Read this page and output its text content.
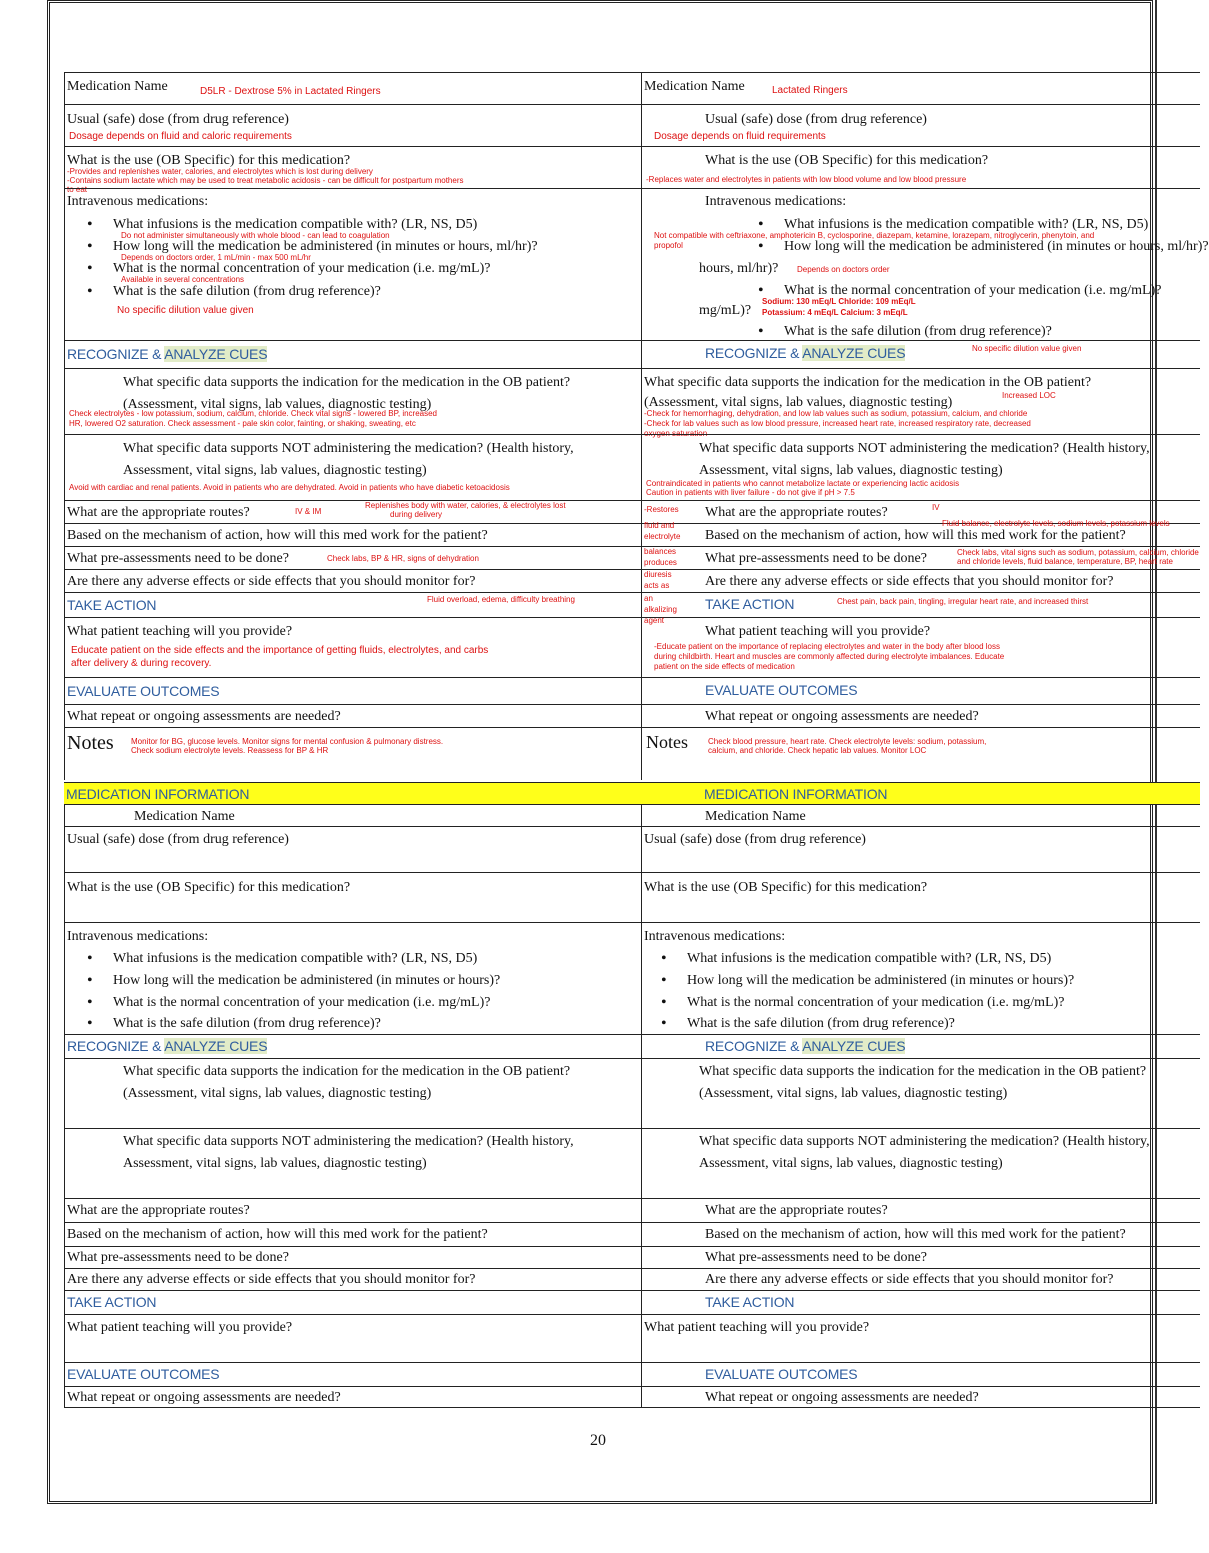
Medication Name	D5LR - Dextrose 5% in Lactated Ringers	Medication Name	Lactated Ringers
Usual (safe) dose (from drug reference)
Dosage depends on fluid and caloric requirements
Usual (safe) dose (from drug reference)
Dosage depends on fluid requirements
What is the use (OB Specific) for this medication?
-Provides and replenishes water, calories, and electrolytes which is lost during delivery
-Contains sodium lactate which may be used to treat metabolic acidosis - can be difficult for postpartum mothers
to eat
What is the use (OB Specific) for this medication?
-Replaces water and electrolytes in patients with low blood volume and low blood pressure
Intravenous medications:
• What infusions is the medication compatible with? (LR, NS, D5)
Do not administer simultaneously with whole blood - can lead to coagulation
• How long will the medication be administered (in minutes or hours, ml/hr)?
Depends on doctors order, 1 mL/min - max 500 mL/hr
• What is the normal concentration of your medication (i.e. mg/mL)?
Available in several concentrations
• What is the safe dilution (from drug reference)?
No specific dilution value given
Intravenous medications:
• What infusions is the medication compatible with? (LR, NS, D5)
Not compatible with ceftriaxone, amphotericin B, cyclosporine, diazepam, ketamine, lorazepam, nitroglycerin, phenytoin, and
propofol
•	How long will the medication be administered (in minutes or hours, ml/hr)?
hours, ml/hr)? Depends on doctors order
• What is the normal concentration of your medication (i.e. mg/mL)?
Sodium: 130 mEq/L Chloride: 109 mEq/L
mg/mL)? Potassium: 4 mEq/L Calcium: 3 mEq/L
• What is the safe dilution (from drug reference)?
RECOGNIZE & ANALYZE CUES	RECOGNIZE & ANALYZE CUES	No specific dilution value given
What specific data supports the indication for the medication in the OB patient?
(Assessment, vital signs, lab values, diagnostic testing)
Check electrolytes - low potassium, sodium, calcium, chloride. Check vital signs - lowered BP, increased
HR, lowered O2 saturation. Check assessment - pale skin color, fainting, or shaking, sweating, etc
What specific data supports the indication for the medication in the OB patient?
(Assessment, vital signs, lab values, diagnostic testing)	Increased LOC
-Check for hemorrhaging, dehydration, and low lab values such as sodium, potassium, calcium, and chloride
-Check for lab values such as low blood pressure, increased heart rate, increased respiratory rate, decreased
oxygen saturation
What specific data supports NOT administering the medication? (Health history,
Assessment, vital signs, lab values, diagnostic testing)
Avoid with cardiac and renal patients. Avoid in patients who are dehydrated. Avoid in patients who have diabetic ketoacidosis
What specific data supports NOT administering the medication? (Health history,
Assessment, vital signs, lab values, diagnostic testing)
Contraindicated in patients who cannot metabolize lactate or experiencing lactic acidosis
Caution in patients with liver failure - do not give if pH > 7.5
What are the appropriate routes?	IV & IM
Replenishes body with water, calories, & electrolytes lost
during delivery
-Restores What are the appropriate routes?	IV
Based on the mechanism of action, how will this med work for the patient?
fluid and
electrolyte Based on the mechanism of action, how will this med work for the patient?
Fluid balance, electrolyte levels, sodium levels, potassium levels
What pre-assessments need to be done?	Check labs, BP & HR, signs of dehydration
balances
produces What pre-assessments need to be done?	Check labs, vital signs such as sodium, potassium, calcium, chloride
and chloride levels, fluid balance, temperature, BP, heart rate
Are there any adverse effects or side effects that you should monitor for?	diuresis
acts as	Are there any adverse effects or side effects that you should monitor for?
TAKE ACTION	Fluid overload, edema, difficulty breathing	an
alkalizing TAKE ACTION	Chest pain, back pain, tingling, irregular heart rate, and increased thirst
What patient teaching will you provide?
Educate patient on the side effects and the importance of getting fluids, electrolytes, and carbs
after delivery & during recovery.
agent
What patient teaching will you provide?
-Educate patient on the importance of replacing electrolytes and water in the body after blood loss
during childbirth. Heart and muscles are commonly affected during electrolyte imbalances. Educate
patient on the side effects of medication
EVALUATE OUTCOMES	EVALUATE OUTCOMES
What repeat or ongoing assessments are needed?	What repeat or ongoing assessments are needed?
Notes Monitor for BG, glucose levels. Monitor signs for mental confusion & pulmonary distress.
Check sodium electrolyte levels. Reassess for BP & HR	Notes	Check blood pressure, heart rate. Check electrolyte levels: sodium, potassium,
calcium, and chloride. Check hepatic lab values. Monitor LOC
MEDICATION INFORMATION	MEDICATION INFORMATION
Medication Name	Medication Name
Usual (safe) dose (from drug reference)	Usual (safe) dose (from drug reference)
What is the use (OB Specific) for this medication?	What is the use (OB Specific) for this medication?
Intravenous medications:
• What infusions is the medication compatible with? (LR, NS, D5)
• How long will the medication be administered (in minutes or hours)?
• What is the normal concentration of your medication (i.e. mg/mL)?
• What is the safe dilution (from drug reference)?
Intravenous medications:
• What infusions is the medication compatible with? (LR, NS, D5)
• How long will the medication be administered (in minutes or hours)?
• What is the normal concentration of your medication (i.e. mg/mL)?
• What is the safe dilution (from drug reference)?
RECOGNIZE & ANALYZE CUES	RECOGNIZE & ANALYZE CUES
What specific data supports the indication for the medication in the OB patient?
(Assessment, vital signs, lab values, diagnostic testing)
What specific data supports the indication for the medication in the OB patient?
(Assessment, vital signs, lab values, diagnostic testing)
What specific data supports NOT administering the medication? (Health history,
Assessment, vital signs, lab values, diagnostic testing)
What specific data supports NOT administering the medication? (Health history,
Assessment, vital signs, lab values, diagnostic testing)
What are the appropriate routes?	What are the appropriate routes?
Based on the mechanism of action, how will this med work for the patient?	Based on the mechanism of action, how will this med work for the patient?
What pre-assessments need to be done?	What pre-assessments need to be done?
Are there any adverse effects or side effects that you should monitor for?	Are there any adverse effects or side effects that you should monitor for?
TAKE ACTION	TAKE ACTION
What patient teaching will you provide?	What patient teaching will you provide?
EVALUATE OUTCOMES	EVALUATE OUTCOMES
What repeat or ongoing assessments are needed?	What repeat or ongoing assessments are needed?
20
